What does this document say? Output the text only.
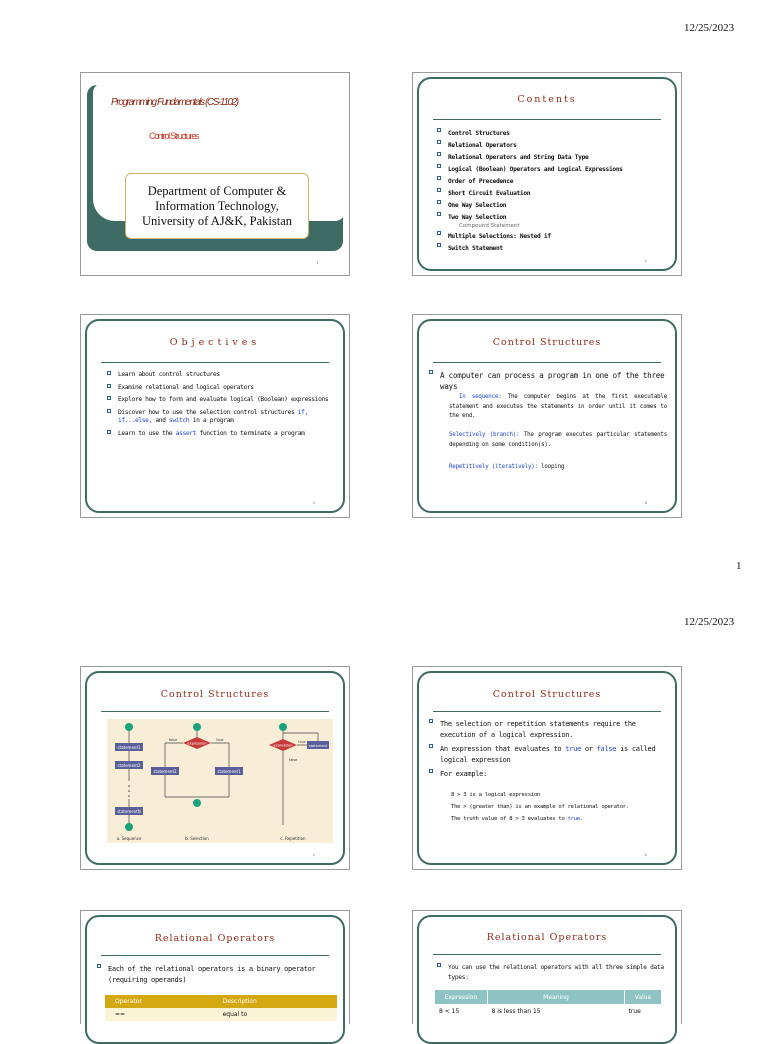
12/25/2023
Programming Fundamentals (CS-1102)
Control Structures
Department of Computer &
Information Technology,
University of AJ&K, Pakistan
1
Contents
Control Structures
Relational Operators
Relational Operators and String Data Type
Logical (Boolean) Operators and Logical Expressions
Order of Precedence
Short Circuit Evaluation
One Way Selection
Two Way Selection
Compound Statement
Multiple Selections: Nested if
Switch Statement
2
Objectives
Learn about control structures
Examine relational and logical operators
Explore how to form and evaluate logical (Boolean) expressions
Discover how to use the selection control structures if, if...else, and switch in a program
Learn to use the assert function to terminate a program
3
Control Structures
A computer can process a program in one of the three ways
In sequence: The computer begins at the first executable statement and executes the statements in order until it comes to the end.
Selectively (branch): The program executes particular statements depending on some condition(s).
Repetitively (iteratively): looping
4
1
12/25/2023
Control Structures
statement1
statement2
statementN
a. Sequence
expression
false	true
statement2	statement1
b. Selection
expression
true
statement
false
c. Repetition
5
Control Structures
The selection or repetition statements require the execution of a logical expression.
An expression that evaluates to true or false is called logical expression
For example:
8 > 3 is a logical expression
The > (greater than) is an example of relational operator.
The truth value of 8 > 3 evaluates to true.
6
Relational Operators
Each of the relational operators is a binary operator (requiring operands)
Operator	Description
==	equal to
Relational Operators
You can use the relational operators with all three simple data types:
Expression	Meaning	Value
8 < 15	8 is less than 15	true
